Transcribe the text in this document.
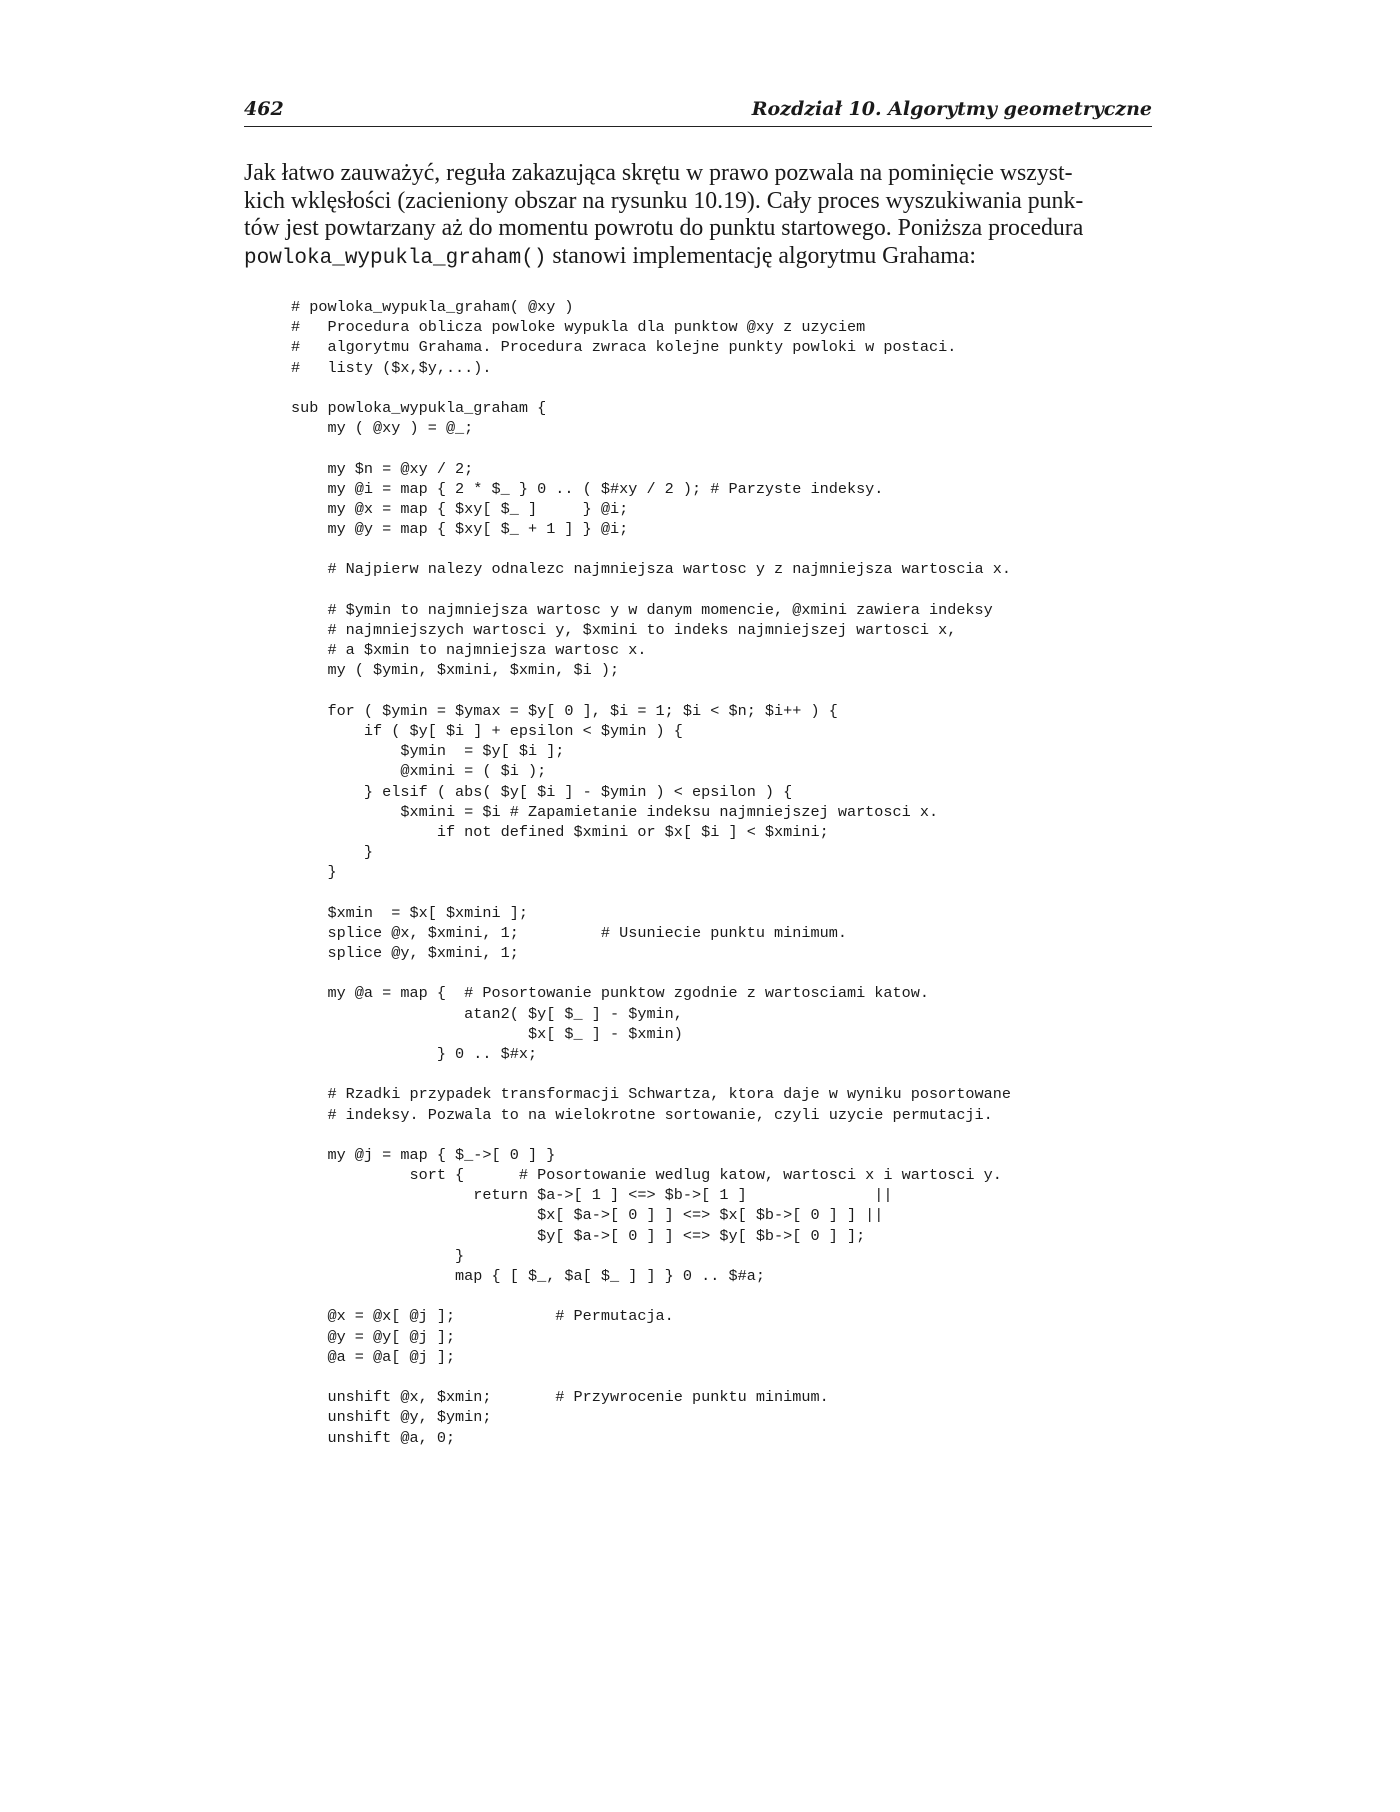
462	Rozdział 10. Algorytmy geometryczne
Jak łatwo zauważyć, reguła zakazująca skrętu w prawo pozwala na pominięcie wszyst-
kich wklęsłości (zacieniony obszar na rysunku 10.19). Cały proces wyszukiwania punk-
tów jest powtarzany aż do momentu powrotu do punktu startowego. Poniższa procedura
powloka_wypukla_graham() stanowi implementację algorytmu Grahama:
# powloka_wypukla_graham( @xy )
#   Procedura oblicza powloke wypukla dla punktow @xy z uzyciem
#   algorytmu Grahama. Procedura zwraca kolejne punkty powloki w postaci.
#   listy ($x,$y,...).

sub powloka_wypukla_graham {
my ( @xy ) = @_;

my $n = @xy / 2;
my @i = map { 2 * $_ } 0 .. ( $#xy / 2 ); # Parzyste indeksy.
my @x = map { $xy[ $_ ]     } @i;
my @y = map { $xy[ $_ + 1 ] } @i;

# Najpierw nalezy odnalezc najmniejsza wartosc y z najmniejsza wartoscia x.

# $ymin to najmniejsza wartosc y w danym momencie, @xmini zawiera indeksy
# najmniejszych wartosci y, $xmini to indeks najmniejszej wartosci x,
# a $xmin to najmniejsza wartosc x.
my ( $ymin, $xmini, $xmin, $i );

for ( $ymin = $ymax = $y[ 0 ], $i = 1; $i < $n; $i++ ) {
if ( $y[ $i ] + epsilon < $ymin ) {
$ymin  = $y[ $i ];
@xmini = ( $i );
} elsif ( abs( $y[ $i ] - $ymin ) < epsilon ) {
$xmini = $i # Zapamietanie indeksu najmniejszej wartosci x.
if not defined $xmini or $x[ $i ] < $xmini;
}
}

$xmin  = $x[ $xmini ];
splice @x, $xmini, 1;         # Usuniecie punktu minimum.
splice @y, $xmini, 1;

my @a = map {  # Posortowanie punktow zgodnie z wartosciami katow.
atan2( $y[ $_ ] - $ymin,
$x[ $_ ] - $xmin)
} 0 .. $#x;

# Rzadki przypadek transformacji Schwartza, ktora daje w wyniku posortowane
# indeksy. Pozwala to na wielokrotne sortowanie, czyli uzycie permutacji.

my @j = map { $_->[ 0 ] }
sort {      # Posortowanie wedlug katow, wartosci x i wartosci y.
return $a->[ 1 ] <=> $b->[ 1 ]              ||
$x[ $a->[ 0 ] ] <=> $x[ $b->[ 0 ] ] ||
$y[ $a->[ 0 ] ] <=> $y[ $b->[ 0 ] ];
}
map { [ $_, $a[ $_ ] ] } 0 .. $#a;

@x = @x[ @j ];           # Permutacja.
@y = @y[ @j ];
@a = @a[ @j ];

unshift @x, $xmin;       # Przywrocenie punktu minimum.
unshift @y, $ymin;
unshift @a, 0;
